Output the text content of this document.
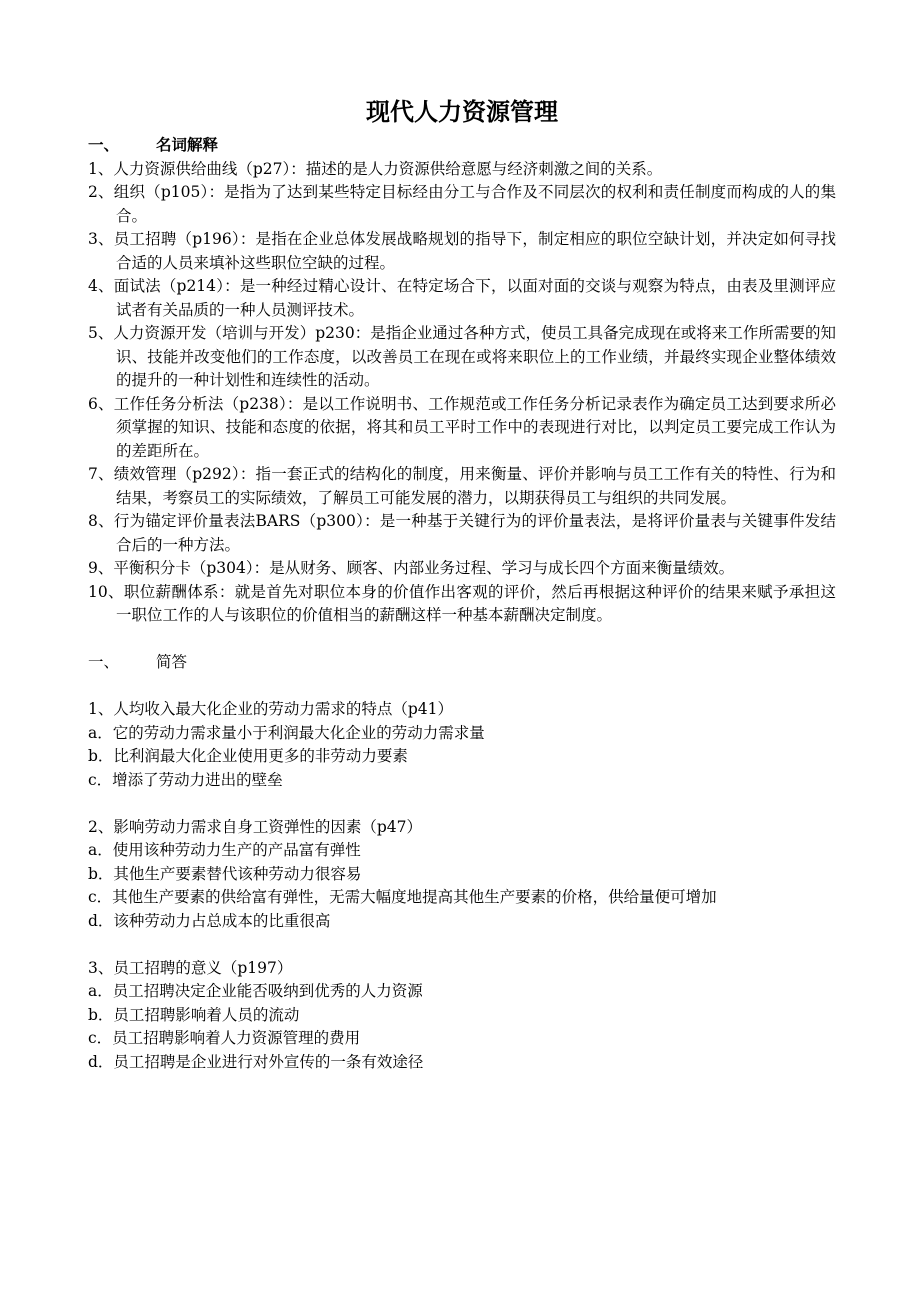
现代人力资源管理
一、	名词解释
1、人力资源供给曲线（p27）：描述的是人力资源供给意愿与经济刺激之间的关系。
2、组织（p105）：是指为了达到某些特定目标经由分工与合作及不同层次的权利和责任制度而构成的人的集合。
3、员工招聘（p196）：是指在企业总体发展战略规划的指导下，制定相应的职位空缺计划，并决定如何寻找合适的人员来填补这些职位空缺的过程。
4、面试法（p214）：是一种经过精心设计、在特定场合下，以面对面的交谈与观察为特点，由表及里测评应试者有关品质的一种人员测评技术。
5、人力资源开发（培训与开发）p230：是指企业通过各种方式，使员工具备完成现在或将来工作所需要的知识、技能并改变他们的工作态度，以改善员工在现在或将来职位上的工作业绩，并最终实现企业整体绩效的提升的一种计划性和连续性的活动。
6、工作任务分析法（p238）：是以工作说明书、工作规范或工作任务分析记录表作为确定员工达到要求所必须掌握的知识、技能和态度的依据，将其和员工平时工作中的表现进行对比，以判定员工要完成工作认为的差距所在。
7、绩效管理（p292）：指一套正式的结构化的制度，用来衡量、评价并影响与员工工作有关的特性、行为和结果，考察员工的实际绩效，了解员工可能发展的潜力，以期获得员工与组织的共同发展。
8、行为锚定评价量表法BARS（p300）：是一种基于关键行为的评价量表法，是将评价量表与关键事件发结合后的一种方法。
9、平衡积分卡（p304）：是从财务、顾客、内部业务过程、学习与成长四个方面来衡量绩效。
10、职位薪酬体系：就是首先对职位本身的价值作出客观的评价，然后再根据这种评价的结果来赋予承担这一职位工作的人与该职位的价值相当的薪酬这样一种基本薪酬决定制度。
一、	简答
1、人均收入最大化企业的劳动力需求的特点（p41）
a．它的劳动力需求量小于利润最大化企业的劳动力需求量
b．比利润最大化企业使用更多的非劳动力要素
c．增添了劳动力进出的壁垒
2、影响劳动力需求自身工资弹性的因素（p47）
a．使用该种劳动力生产的产品富有弹性
b．其他生产要素替代该种劳动力很容易
c．其他生产要素的供给富有弹性，无需大幅度地提高其他生产要素的价格，供给量便可增加
d．该种劳动力占总成本的比重很高
3、员工招聘的意义（p197）
a．员工招聘决定企业能否吸纳到优秀的人力资源
b．员工招聘影响着人员的流动
c．员工招聘影响着人力资源管理的费用
d．员工招聘是企业进行对外宣传的一条有效途径
